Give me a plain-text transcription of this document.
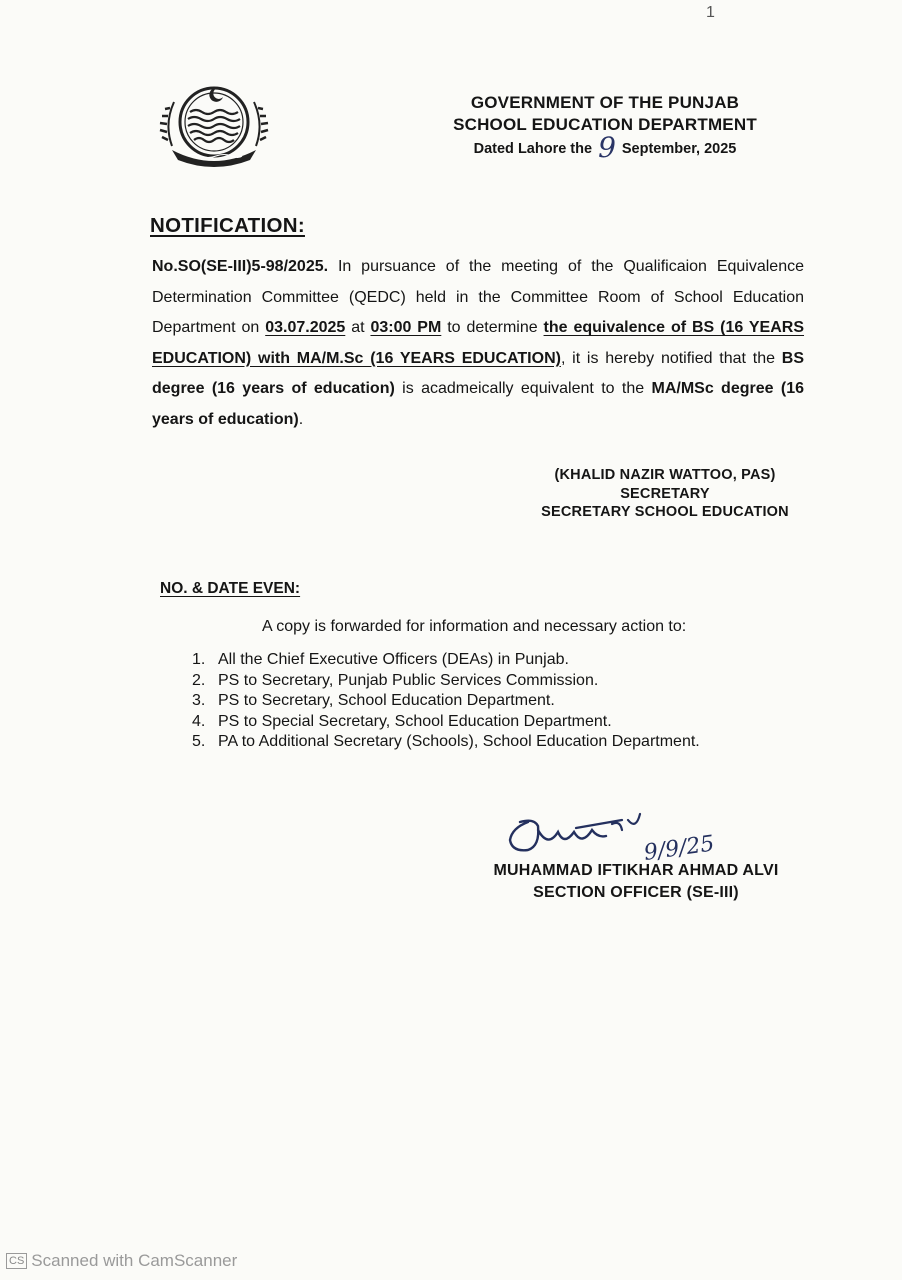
1
GOVERNMENT OF THE PUNJAB
SCHOOL EDUCATION DEPARTMENT
Dated Lahore the 9 September, 2025
NOTIFICATION:
No.SO(SE-III)5-98/2025. In pursuance of the meeting of the Qualificaion Equivalence Determination Committee (QEDC) held in the Committee Room of School Education Department on 03.07.2025 at 03:00 PM to determine the equivalence of BS (16 YEARS EDUCATION) with MA/M.Sc (16 YEARS EDUCATION), it is hereby notified that the BS degree (16 years of education) is acadmeically equivalent to the MA/MSc degree (16 years of education).
(KHALID NAZIR WATTOO, PAS)
SECRETARY
SECRETARY SCHOOL EDUCATION
NO. & DATE EVEN:
A copy is forwarded for information and necessary action to:
1. All the Chief Executive Officers (DEAs) in Punjab.
2. PS to Secretary, Punjab Public Services Commission.
3. PS to Secretary, School Education Department.
4. PS to Special Secretary, School Education Department.
5. PA to Additional Secretary (Schools), School Education Department.
9/9/25
MUHAMMAD IFTIKHAR AHMAD ALVI
SECTION OFFICER (SE-III)
CS Scanned with CamScanner
